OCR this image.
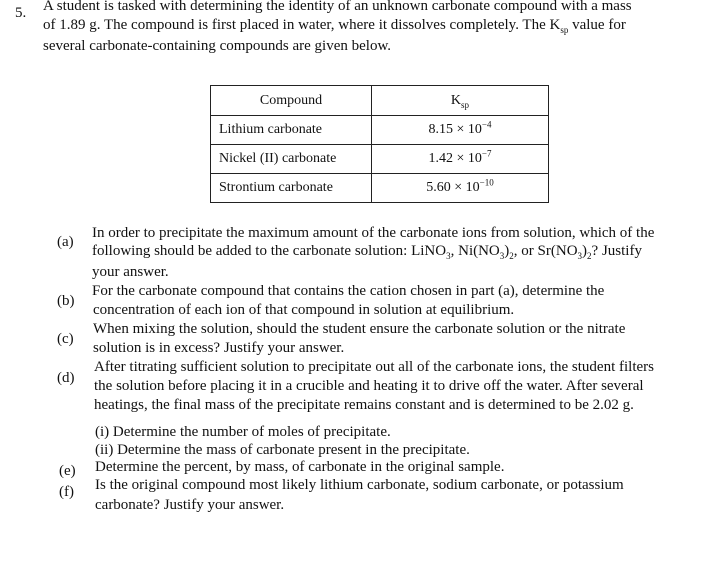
5. A student is tasked with determining the identity of an unknown carbonate compound with a mass
of 1.89 g. The compound is first placed in water, where it dissolves completely. The $K_{sp}$ value for
several carbonate-containing compounds are given below.
Compound	$K_{sp}$
Lithium carbonate	$8.15 \times 10^{-4}$
Nickel (II) carbonate	$1.42 \times 10^{-7}$
Strontium carbonate	$5.60 \times 10^{-10}$
(a)
In order to precipitate the maximum amount of the carbonate ions from solution, which of the
following should be added to the carbonate solution: LiNO$_3$, $Ni(NO_3)_2$, or $Sr(NO_3)_2$? Justify
your answer.
(b)
For the carbonate compound that contains the cation chosen in part (a), determine the
concentration of each ion of that compound in solution at equilibrium.
(c)
When mixing the solution, should the student ensure the carbonate solution or the nitrate
solution is in excess? Justify your answer.
(d)
After titrating sufficient solution to precipitate out all of the carbonate ions, the student filters
the solution before placing it in a crucible and heating it to drive off the water. After several
heatings, the final mass of the precipitate remains constant and is determined to be 2.02 g.
(i) Determine the number of moles of precipitate.
(ii) Determine the mass of carbonate present in the precipitate.
(e) Determine the percent, by mass, of carbonate in the original sample.
(f) Is the original compound most likely lithium carbonate, sodium carbonate, or potassium
carbonate? Justify your answer.
